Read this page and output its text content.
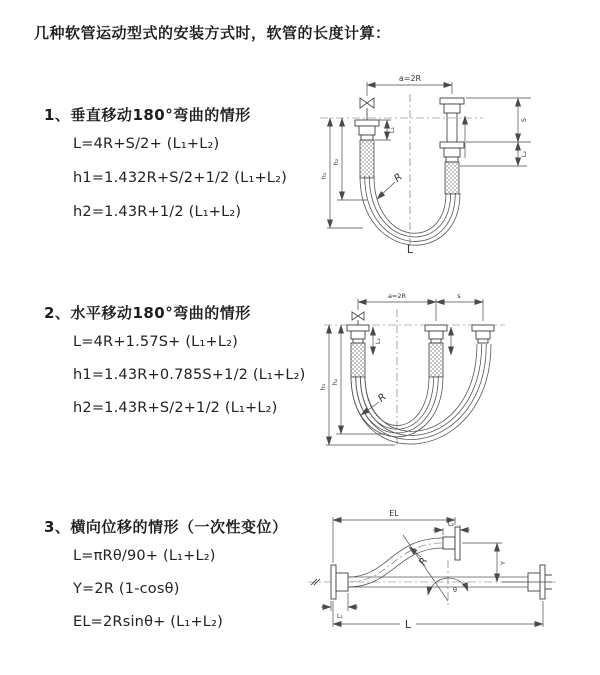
几种软管运动型式的安装方式时，软管的长度计算：
1、垂直移动180°弯曲的情形
L=4R+S/2+ (L₁+L₂)
h1=1.432R+S/2+1/2 (L₁+L₂)
h2=1.43R+1/2 (L₁+L₂)
2、水平移动180°弯曲的情形
L=4R+1.57S+ (L₁+L₂)
h1=1.43R+0.785S+1/2 (L₁+L₂)
h2=1.43R+S/2+1/2 (L₁+L₂)
3、横向位移的情形（一次性变位）
L=πRθ/90+ (L₁+L₂)
Y=2R (1-cosθ)
EL=2Rsinθ+ (L₁+L₂)
a=2R
R
h₁
h₂
L₁
S
L₂
L
a=2R	s
R
h₁
h₂
L₁
EL
L₂
Y
R
θ
L₁
L
